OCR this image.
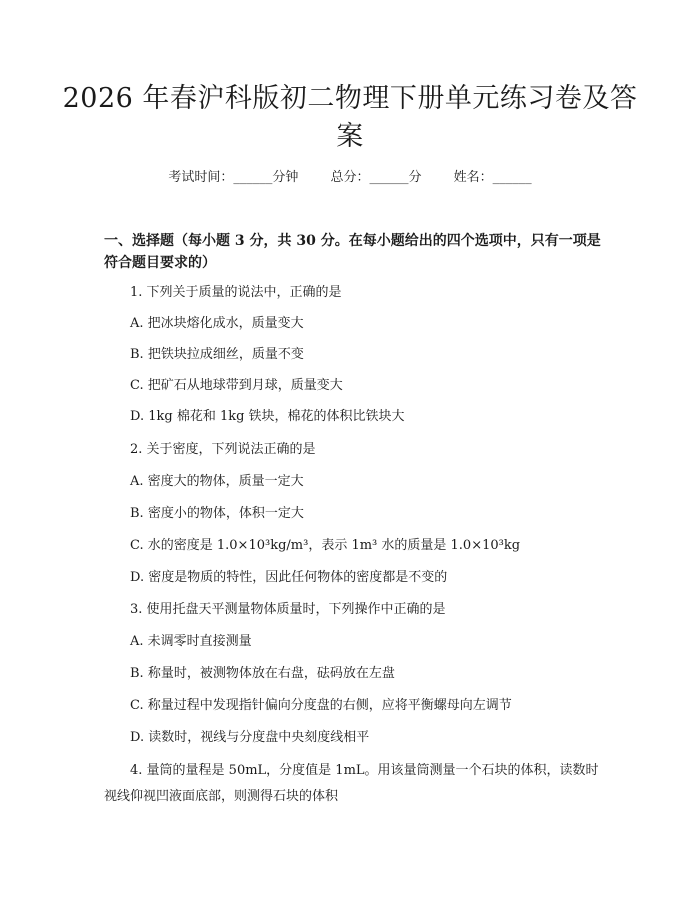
2026 年春沪科版初二物理下册单元练习卷及答案
考试时间：______分钟 总分：______分 姓名：______
一、选择题（每小题 3 分，共 30 分。在每小题给出的四个选项中，只有一项是符合题目要求的）
1. 下列关于质量的说法中，正确的是
A. 把冰块熔化成水，质量变大
B. 把铁块拉成细丝，质量不变
C. 把矿石从地球带到月球，质量变大
D. 1kg 棉花和 1kg 铁块，棉花的体积比铁块大
2. 关于密度，下列说法正确的是
A. 密度大的物体，质量一定大
B. 密度小的物体，体积一定大
C. 水的密度是 1.0×10³kg/m³，表示 1m³ 水的质量是 1.0×10³kg
D. 密度是物质的特性，因此任何物体的密度都是不变的
3. 使用托盘天平测量物体质量时，下列操作中正确的是
A. 未调零时直接测量
B. 称量时，被测物体放在右盘，砝码放在左盘
C. 称量过程中发现指针偏向分度盘的右侧，应将平衡螺母向左调节
D. 读数时，视线与分度盘中央刻度线相平
4. 量筒的量程是 50mL，分度值是 1mL。用该量筒测量一个石块的体积，读数时视线仰视凹液面底部，则测得石块的体积
